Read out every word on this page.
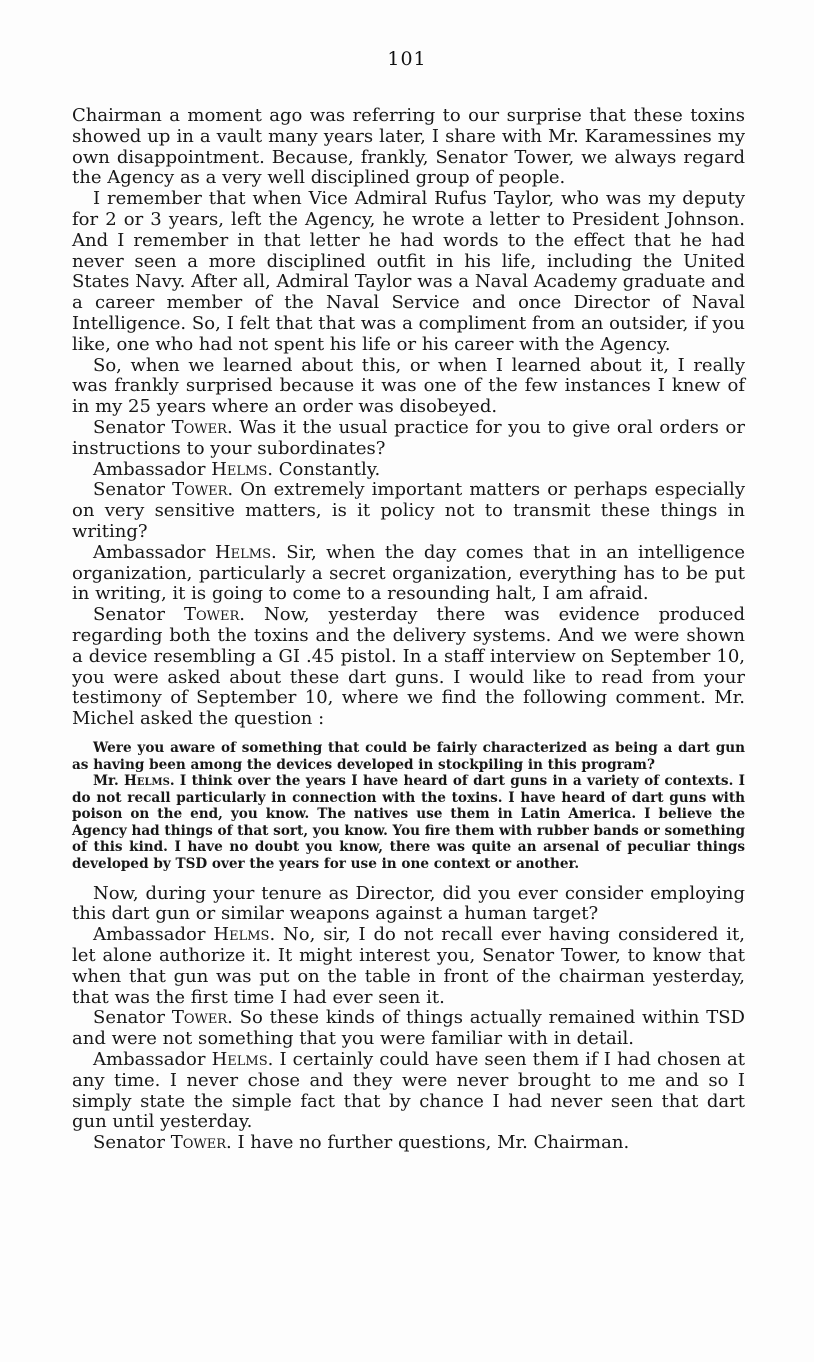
101

Chairman a moment ago was referring to our surprise that these toxins showed up in a vault many years later, I share with Mr. Karamessines my own disappointment. Because, frankly, Senator Tower, we always regard the Agency as a very well disciplined group of people.

I remember that when Vice Admiral Rufus Taylor, who was my deputy for 2 or 3 years, left the Agency, he wrote a letter to President Johnson. And I remember in that letter he had words to the effect that he had never seen a more disciplined outfit in his life, including the United States Navy. After all, Admiral Taylor was a Naval Academy graduate and a career member of the Naval Service and once Director of Naval Intelligence. So, I felt that that was a compliment from an outsider, if you like, one who had not spent his life or his career with the Agency.

So, when we learned about this, or when I learned about it, I really was frankly surprised because it was one of the few instances I knew of in my 25 years where an order was disobeyed.

Senator Tower. Was it the usual practice for you to give oral orders or instructions to your subordinates?

Ambassador Helms. Constantly.

Senator Tower. On extremely important matters or perhaps especially on very sensitive matters, is it policy not to transmit these things in writing?

Ambassador Helms. Sir, when the day comes that in an intelligence organization, particularly a secret organization, everything has to be put in writing, it is going to come to a resounding halt, I am afraid.

Senator Tower. Now, yesterday there was evidence produced regarding both the toxins and the delivery systems. And we were shown a device resembling a GI .45 pistol. In a staff interview on September 10, you were asked about these dart guns. I would like to read from your testimony of September 10, where we find the following comment. Mr. Michel asked the question :

Were you aware of something that could be fairly characterized as being a dart gun as having been among the devices developed in stockpiling in this program?

Mr. Helms. I think over the years I have heard of dart guns in a variety of contexts. I do not recall particularly in connection with the toxins. I have heard of dart guns with poison on the end, you know. The natives use them in Latin America. I believe the Agency had things of that sort, you know. You fire them with rubber bands or something of this kind. I have no doubt you know, there was quite an arsenal of peculiar things developed by TSD over the years for use in one context or another.

Now, during your tenure as Director, did you ever consider employing this dart gun or similar weapons against a human target?

Ambassador Helms. No, sir, I do not recall ever having considered it, let alone authorize it. It might interest you, Senator Tower, to know that when that gun was put on the table in front of the chairman yesterday, that was the first time I had ever seen it.

Senator Tower. So these kinds of things actually remained within TSD and were not something that you were familiar with in detail.

Ambassador Helms. I certainly could have seen them if I had chosen at any time. I never chose and they were never brought to me and so I simply state the simple fact that by chance I had never seen that dart gun until yesterday.

Senator Tower. I have no further questions, Mr. Chairman.
